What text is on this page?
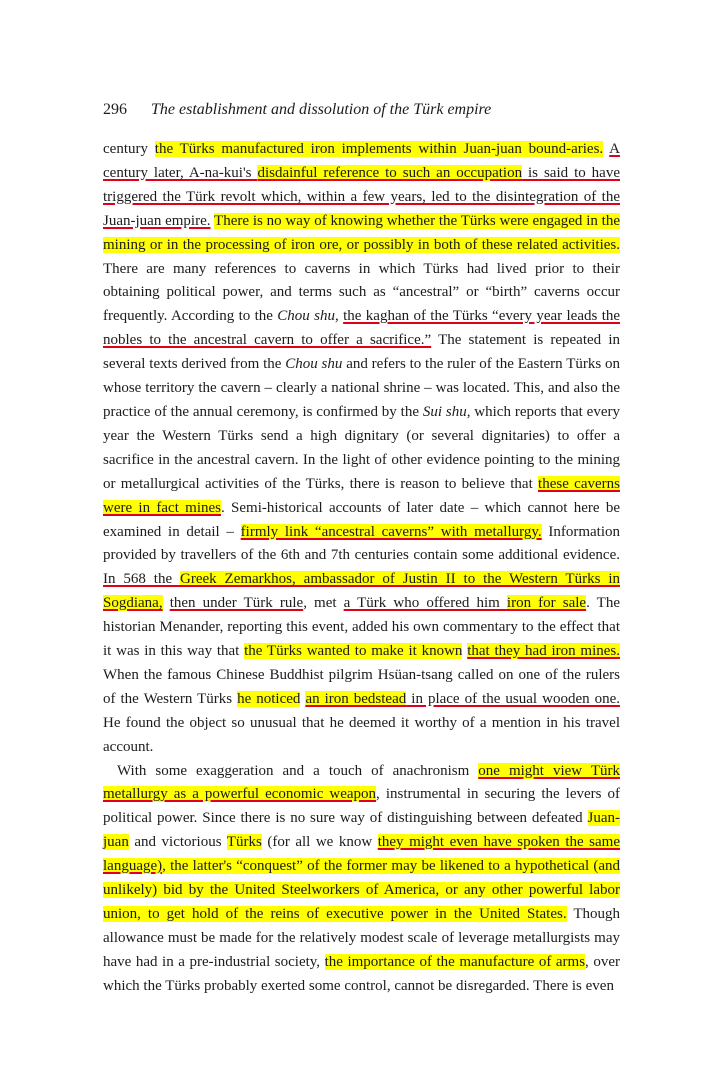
296 The establishment and dissolution of the Türk empire

century the Türks manufactured iron implements within Juan-juan bound-aries. A century later, A-na-kui's disdainful reference to such an occupation is said to have triggered the Türk revolt which, within a few years, led to the disintegration of the Juan-juan empire. There is no way of knowing whether the Türks were engaged in the mining or in the processing of iron ore, or possibly in both of these related activities. There are many references to caverns in which Türks had lived prior to their obtaining political power, and terms such as “ancestral” or “birth” caverns occur frequently. According to the Chou shu, the kaghan of the Türks “every year leads the nobles to the ancestral cavern to offer a sacrifice.” The statement is repeated in several texts derived from the Chou shu and refers to the ruler of the Eastern Türks on whose territory the cavern – clearly a national shrine – was located. This, and also the practice of the annual ceremony, is confirmed by the Sui shu, which reports that every year the Western Türks send a high dignitary (or several dignitaries) to offer a sacrifice in the ancestral cavern. In the light of other evidence pointing to the mining or metallurgical activities of the Türks, there is reason to believe that these caverns were in fact mines. Semi-historical accounts of later date – which cannot here be examined in detail – firmly link “ancestral caverns” with metallurgy. Information provided by travellers of the 6th and 7th centuries contain some additional evidence. In 568 the Greek Zemarkhos, ambassador of Justin II to the Western Türks in Sogdiana, then under Türk rule, met a Türk who offered him iron for sale. The historian Menander, reporting this event, added his own commentary to the effect that it was in this way that the Türks wanted to make it known that they had iron mines. When the famous Chinese Buddhist pilgrim Hsüan-tsang called on one of the rulers of the Western Türks he noticed an iron bedstead in place of the usual wooden one. He found the object so unusual that he deemed it worthy of a mention in his travel account.

With some exaggeration and a touch of anachronism one might view Türk metallurgy as a powerful economic weapon, instrumental in securing the levers of political power. Since there is no sure way of distinguishing between defeated Juan-juan and victorious Türks (for all we know they might even have spoken the same language), the latter's “conquest” of the former may be likened to a hypothetical (and unlikely) bid by the United Steelworkers of America, or any other powerful labor union, to get hold of the reins of executive power in the United States. Though allowance must be made for the relatively modest scale of leverage metallurgists may have had in a pre-industrial society, the importance of the manufacture of arms, over which the Türks probably exerted some control, cannot be disregarded. There is even
